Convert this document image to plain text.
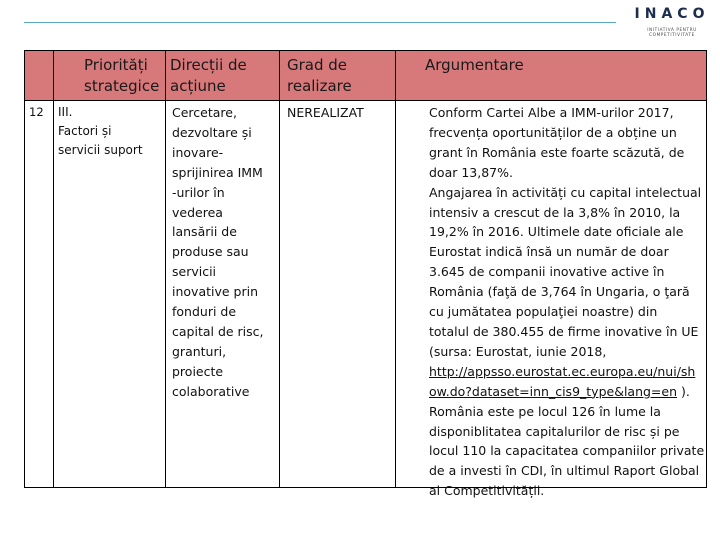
INACO
INITIATIVA PENTRU COMPETITIVITATE
Priorități
strategice
Direcții de
acțiune
Grad de
realizare
Argumentare
12 III.
Factori și
servicii suport
Cercetare,
dezvoltare și
inovare-
sprijinirea IMM
-urilor în
vederea
lansării de
produse sau
servicii
inovative prin
fonduri de
capital de risc,
granturi,
proiecte
colaborative
NEREALIZAT	Conform Cartei Albe a IMM-urilor 2017,
frecvența oportunităților de a obține un
grant în România este foarte scăzută, de
doar 13,87%.
Angajarea în activități cu capital intelectual
intensiv a crescut de la 3,8% în 2010, la
19,2% în 2016. Ultimele date oficiale ale
Eurostat indică însă un număr de doar
3.645 de companii inovative active în
România (faţă de 3,764 în Ungaria, o ţară
cu jumătatea populaţiei noastre) din
totalul de 380.455 de firme inovative în UE
(sursa: Eurostat, iunie 2018,
http://appsso.eurostat.ec.europa.eu/nui/sh
ow.do?dataset=inn_cis9_type&lang=en ).
România este pe locul 126 în lume la
disponiblitatea capitalurilor de risc și pe
locul 110 la capacitatea companiilor private
de a investi în CDI, în ultimul Raport Global
al Competitivității.
